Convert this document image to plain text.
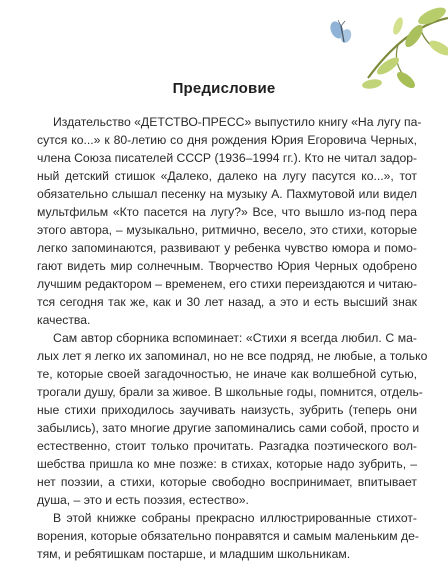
Предисловие
Издательство «ДЕТСТВО-ПРЕСС» выпустило книгу «На лугу па-
сутся ко...» к 80-летию со дня рождения Юрия Егоровича Черных,
члена Союза писателей СССР (1936–1994 гг.). Кто не читал задор-
ный детский стишок «Далеко, далеко на лугу пасутся ко...», тот
обязательно слышал песенку на музыку А. Пахмутовой или видел
мультфильм «Кто пасется на лугу?» Все, что вышло из-под пера
этого автора, – музыкально, ритмично, весело, это стихи, которые
легко запоминаются, развивают у ребенка чувство юмора и помо-
гают видеть мир солнечным. Творчество Юрия Черных одобрено
лучшим редактором – временем, его стихи переиздаются и читаю-
тся сегодня так же, как и 30 лет назад, а это и есть высший знак
качества.
Сам автор сборника вспоминает: «Стихи я всегда любил. С ма-
лых лет я легко их запоминал, но не все подряд, не любые, а только
те, которые своей загадочностью, не иначе как волшебной сутью,
трогали душу, брали за живое. В школьные годы, помнится, отдель-
ные стихи приходилось заучивать наизусть, зубрить (теперь они
забылись), зато многие другие запоминались сами собой, просто и
естественно, стоит только прочитать. Разгадка поэтического вол-
шебства пришла ко мне позже: в стихах, которые надо зубрить, –
нет поэзии, а стихи, которые свободно воспринимает, впитывает
душа, – это и есть поэзия, естество».
В этой книжке собраны прекрасно иллюстрированные стихот-
ворения, которые обязательно понравятся и самым маленьким де-
тям, и ребятишкам постарше, и младшим школьникам.
